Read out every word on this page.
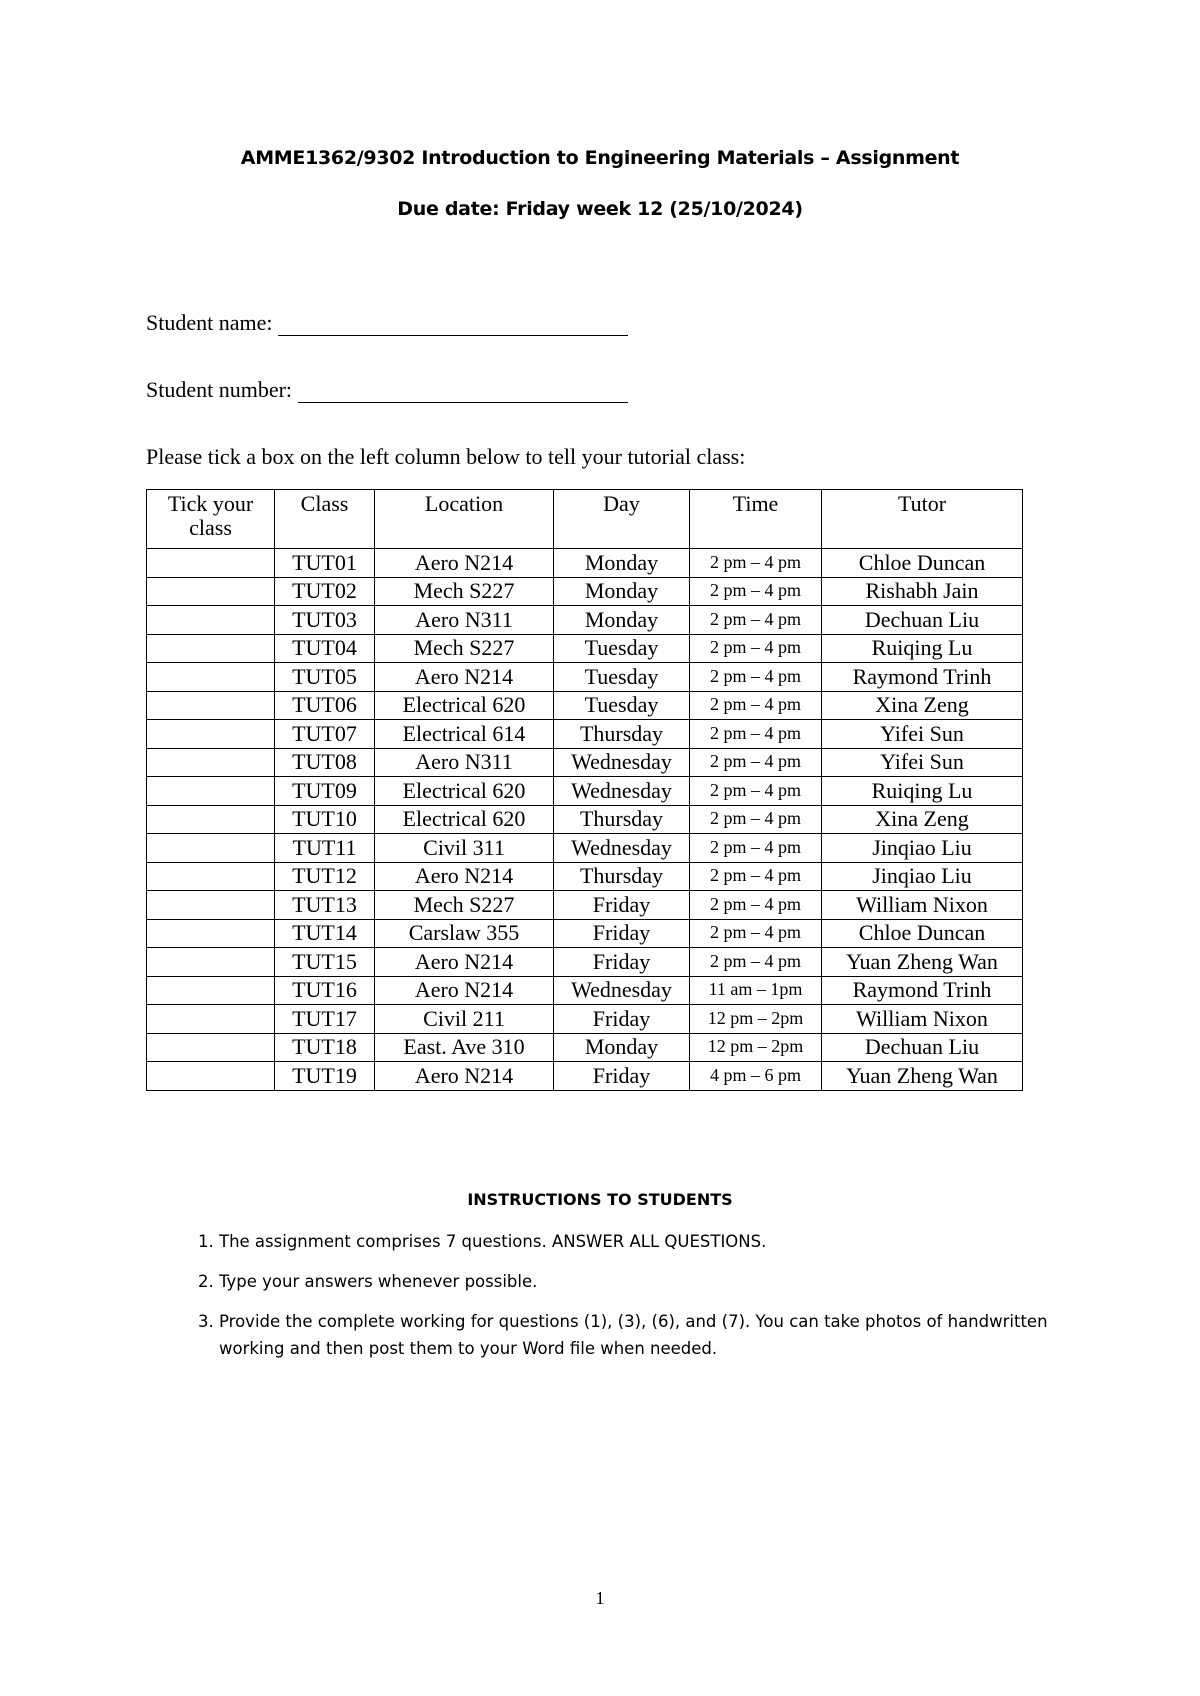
AMME1362/9302 Introduction to Engineering Materials – Assignment
Due date: Friday week 12 (25/10/2024)
Student name:
Student number:
Please tick a box on the left column below to tell your tutorial class:
Tick your class	Class	Location	Day	Time	Tutor
	TUT01	Aero N214	Monday	2 pm – 4 pm	Chloe Duncan
	TUT02	Mech S227	Monday	2 pm – 4 pm	Rishabh Jain
	TUT03	Aero N311	Monday	2 pm – 4 pm	Dechuan Liu
	TUT04	Mech S227	Tuesday	2 pm – 4 pm	Ruiqing Lu
	TUT05	Aero N214	Tuesday	2 pm – 4 pm	Raymond Trinh
	TUT06	Electrical 620	Tuesday	2 pm – 4 pm	Xina Zeng
	TUT07	Electrical 614	Thursday	2 pm – 4 pm	Yifei Sun
	TUT08	Aero N311	Wednesday	2 pm – 4 pm	Yifei Sun
	TUT09	Electrical 620	Wednesday	2 pm – 4 pm	Ruiqing Lu
	TUT10	Electrical 620	Thursday	2 pm – 4 pm	Xina Zeng
	TUT11	Civil 311	Wednesday	2 pm – 4 pm	Jinqiao Liu
	TUT12	Aero N214	Thursday	2 pm – 4 pm	Jinqiao Liu
	TUT13	Mech S227	Friday	2 pm – 4 pm	William Nixon
	TUT14	Carslaw 355	Friday	2 pm – 4 pm	Chloe Duncan
	TUT15	Aero N214	Friday	2 pm – 4 pm	Yuan Zheng Wan
	TUT16	Aero N214	Wednesday	11 am – 1pm	Raymond Trinh
	TUT17	Civil 211	Friday	12 pm – 2pm	William Nixon
	TUT18	East. Ave 310	Monday	12 pm – 2pm	Dechuan Liu
	TUT19	Aero N214	Friday	4 pm – 6 pm	Yuan Zheng Wan
INSTRUCTIONS TO STUDENTS
1. The assignment comprises 7 questions. ANSWER ALL QUESTIONS.
2. Type your answers whenever possible.
3. Provide the complete working for questions (1), (3), (6), and (7). You can take photos of handwritten working and then post them to your Word file when needed.
1
